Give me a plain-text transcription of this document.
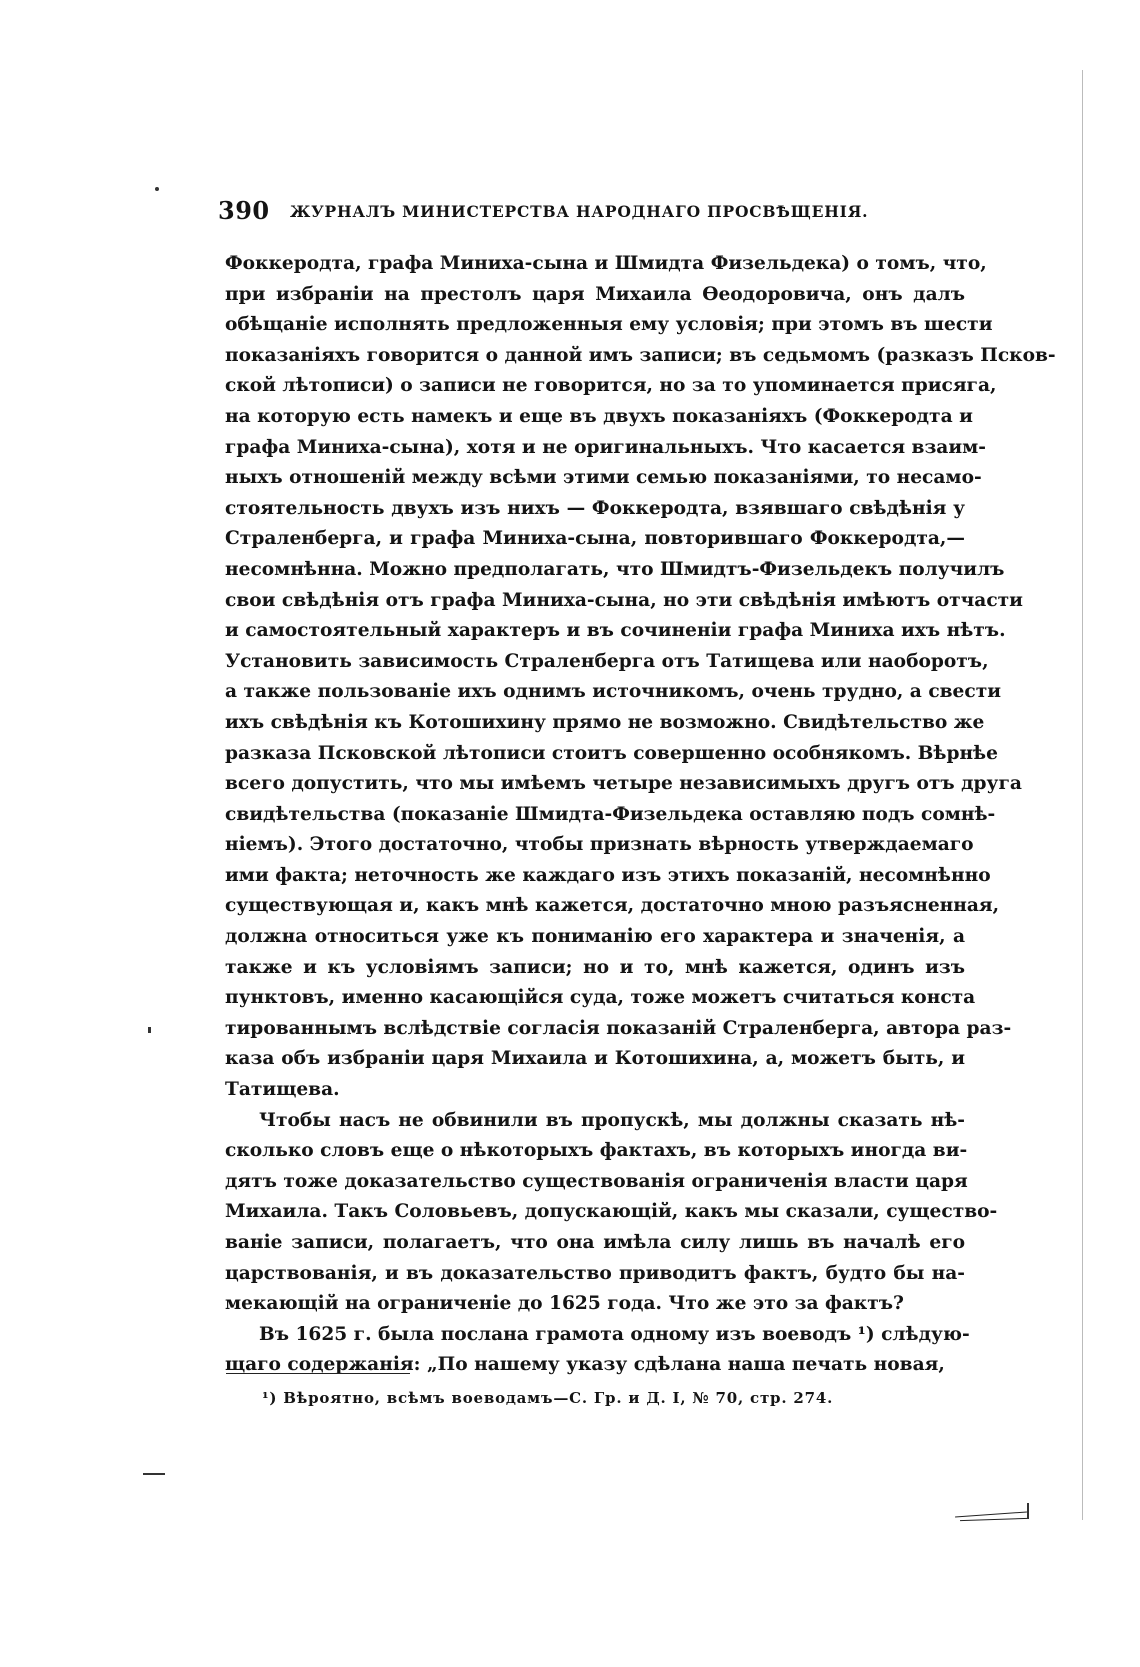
390 ЖУРНАЛЪ МИНИСТЕРСТВА НАРОДНАГО ПРОСВѢЩЕНІЯ.
Фоккеродта, графа Миниха-сына и Шмидта Физельдека) о томъ, что,
при избраніи на престолъ царя Михаила Ѳеодоровича, онъ далъ
обѣщаніе исполнять предложенныя ему условія; при этомъ въ шести
показаніяхъ говорится о данной имъ записи; въ седьмомъ (разказъ Псков-
ской лѣтописи) о записи не говорится, но за то упоминается присяга,
на которую есть намекъ и еще въ двухъ показаніяхъ (Фоккеродта и
графа Миниха-сына), хотя и не оригинальныхъ. Что касается взаим-
ныхъ отношеній между всѣми этими семью показаніями, то несамо-
стоятельность двухъ изъ нихъ — Фоккеродта, взявшаго свѣдѣнія у
Страленберга, и графа Миниха-сына, повторившаго Фоккеродта,—
несомнѣнна. Можно предполагать, что Шмидтъ-Физельдекъ получилъ
свои свѣдѣнія отъ графа Миниха-сына, но эти свѣдѣнія имѣютъ отчасти
и самостоятельный характеръ и въ сочиненіи графа Миниха ихъ нѣтъ.
Установить зависимость Страленберга отъ Татищева или наоборотъ,
а также пользованіе ихъ однимъ источникомъ, очень трудно, а свести
ихъ свѣдѣнія къ Котошихину прямо не возможно. Свидѣтельство же
разказа Псковской лѣтописи стоитъ совершенно особнякомъ. Вѣрнѣе
всего допустить, что мы имѣемъ четыре независимыхъ другъ отъ друга
свидѣтельства (показаніе Шмидта-Физельдека оставляю подъ сомнѣ-
ніемъ). Этого достаточно, чтобы признать вѣрность утверждаемаго
ими факта; неточность же каждаго изъ этихъ показаній, несомнѣнно
существующая и, какъ мнѣ кажется, достаточно мною разъясненная,
должна относиться уже къ пониманію его характера и значенія, а
также и къ условіямъ записи; но и то, мнѣ кажется, одинъ изъ
пунктовъ, именно касающійся суда, тоже можетъ считаться конста
тированнымъ вслѣдствіе согласія показаній Страленберга, автора раз-
каза объ избраніи царя Михаила и Котошихина, а, можетъ быть, и
Татищева.
Чтобы насъ не обвинили въ пропускѣ, мы должны сказать нѣ-
сколько словъ еще о нѣкоторыхъ фактахъ, въ которыхъ иногда ви-
дятъ тоже доказательство существованія ограниченія власти царя
Михаила. Такъ Соловьевъ, допускающій, какъ мы сказали, существо-
ваніе записи, полагаетъ, что она имѣла силу лишь въ началѣ его
царствованія, и въ доказательство приводитъ фактъ, будто бы на-
мекающій на ограниченіе до 1625 года. Что же это за фактъ?
Въ 1625 г. была послана грамота одному изъ воеводъ ¹) слѣдую-
щаго содержанія: „По нашему указу сдѣлана наша печать новая,
¹) Вѣроятно, всѣмъ воеводамъ—С. Гр. и Д. I, № 70, стр. 274.
